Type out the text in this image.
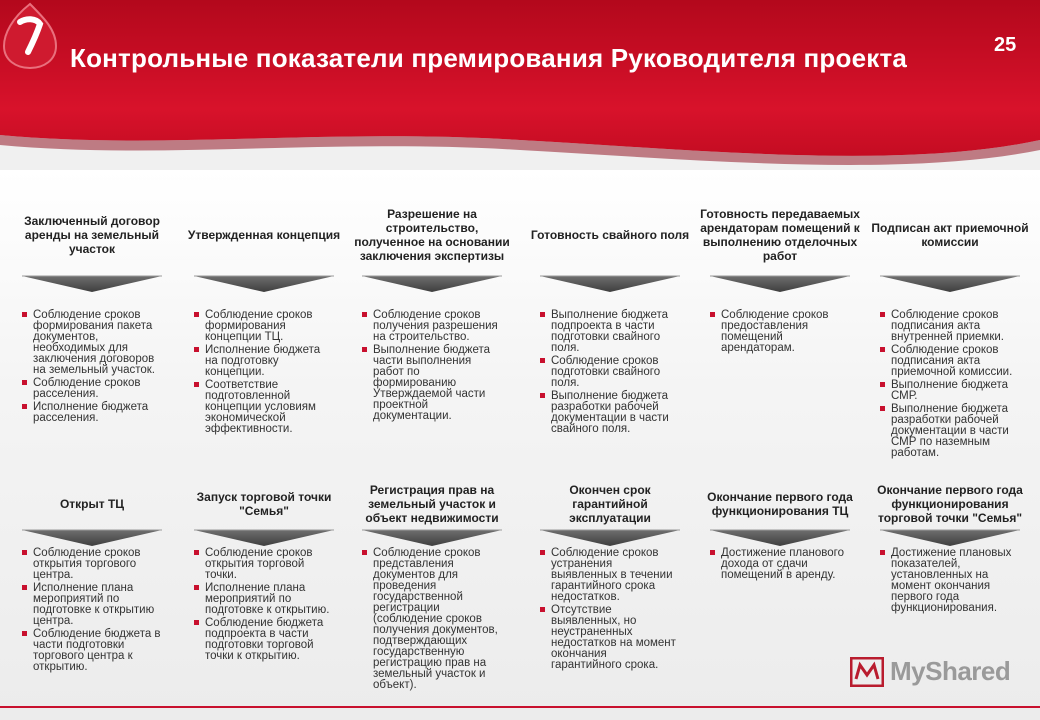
Контрольные показатели премирования Руководителя проекта	25
Заключенный договор аренды на земельный участок
Соблюдение сроков формирования пакета документов, необходимых для заключения договоров на земельный участок.
Соблюдение сроков расселения.
Исполнение бюджета расселения.
Утвержденная концепция
Соблюдение сроков формирования концепции ТЦ.
Исполнение бюджета на подготовку концепции.
Соответствие подготовленной концепции условиям экономической эффективности.
Разрешение на строительство, полученное на основании заключения экспертизы
Соблюдение сроков получения разрешения на строительство.
Выполнение бюджета части выполнения работ по формированию Утверждаемой части проектной документации.
Готовность свайного поля
Выполнение бюджета подпроекта в части подготовки свайного поля.
Соблюдение сроков подготовки свайного поля.
Выполнение бюджета разработки рабочей документации в части свайного поля.
Готовность передаваемых арендаторам помещений к выполнению отделочных работ
Соблюдение сроков предоставления помещений арендаторам.
Подписан акт приемочной комиссии
Соблюдение сроков подписания акта внутренней приемки.
Соблюдение сроков подписания акта приемочной комиссии.
Выполнение бюджета СМР.
Выполнение бюджета разработки рабочей документации в части СМР по наземным работам.
Открыт ТЦ
Соблюдение сроков открытия торгового центра.
Исполнение плана мероприятий по подготовке к открытию центра.
Соблюдение бюджета в части подготовки торгового центра к открытию.
Запуск торговой точки "Семья"
Соблюдение сроков открытия торговой точки.
Исполнение плана мероприятий по подготовке к открытию.
Соблюдение бюджета подпроекта в части подготовки торговой точки к открытию.
Регистрация прав на земельный участок и объект недвижимости
Соблюдение сроков представления документов для проведения государственной регистрации (соблюдение сроков получения документов, подтверждающих государственную регистрацию прав на земельный участок и объект).
Окончен срок гарантийной эксплуатации
Соблюдение сроков устранения выявленных в течении гарантийного срока недостатков.
Отсутствие выявленных, но неустраненных недостатков на момент окончания гарантийного срока.
Окончание первого года функционирования ТЦ
Достижение планового дохода от сдачи помещений в аренду.
Окончание первого года функционирования торговой точки "Семья"
Достижение плановых показателей, установленных на момент окончания первого года функционирования.
MyShared
